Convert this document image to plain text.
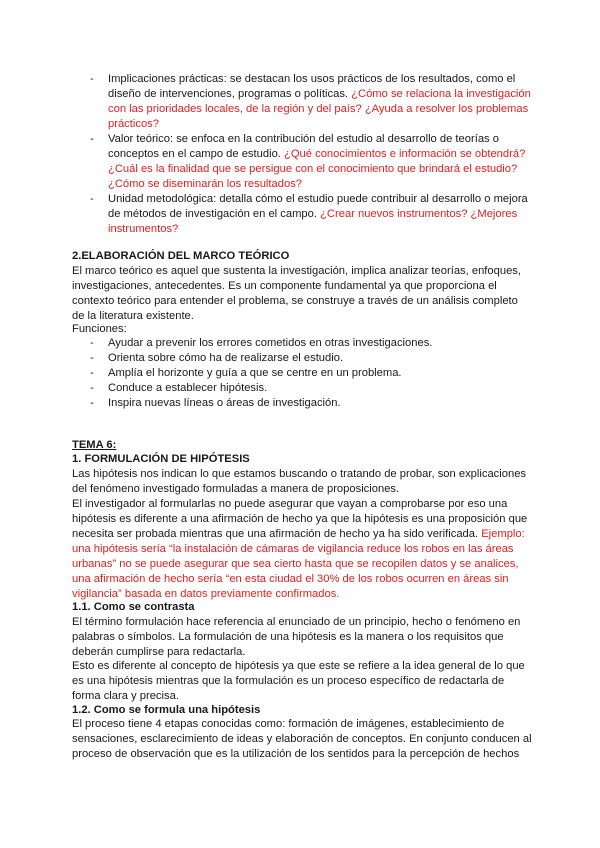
- Implicaciones prácticas: se destacan los usos prácticos de los resultados, como el diseño de intervenciones, programas o políticas. ¿Cómo se relaciona la investigación con las prioridades locales, de la región y del país? ¿Ayuda a resolver los problemas prácticos?
- Valor teórico: se enfoca en la contribución del estudio al desarrollo de teorías o conceptos en el campo de estudio. ¿Qué conocimientos e información se obtendrá? ¿Cuál es la finalidad que se persigue con el conocimiento que brindará el estudio? ¿Cómo se diseminarán los resultados?
- Unidad metodológica: detalla cómo el estudio puede contribuir al desarrollo o mejora de métodos de investigación en el campo. ¿Crear nuevos instrumentos? ¿Mejores instrumentos?
2.ELABORACIÓN DEL MARCO TEÓRICO
El marco teórico es aquel que sustenta la investigación, implica analizar teorías, enfoques, investigaciones, antecedentes. Es un componente fundamental ya que proporciona el contexto teórico para entender el problema, se construye a través de un análisis completo de la literatura existente.
Funciones:
- Ayudar a prevenir los errores cometidos en otras investigaciones.
- Orienta sobre cómo ha de realizarse el estudio.
- Amplía el horizonte y guía a que se centre en un problema.
- Conduce a establecer hipótesis.
- Inspira nuevas líneas o áreas de investigación.
TEMA 6:
1. FORMULACIÓN DE HIPÓTESIS
Las hipótesis nos indican lo que estamos buscando o tratando de probar, son explicaciones del fenómeno investigado formuladas a manera de proposiciones.
El investigador al formularlas no puede asegurar que vayan a comprobarse por eso una hipótesis es diferente a una afirmación de hecho ya que la hipótesis es una proposición que necesita ser probada mientras que una afirmación de hecho ya ha sido verificada. Ejemplo: una hipótesis sería “la instalación de cámaras de vigilancia reduce los robos en las áreas urbanas” no se puede asegurar que sea cierto hasta que se recopilen datos y se analices, una afirmación de hecho sería “en esta ciudad el 30% de los robos ocurren en áreas sin vigilancia” basada en datos previamente confirmados.
1.1. Como se contrasta
El término formulación hace referencia al enunciado de un principio, hecho o fenómeno en palabras o símbolos. La formulación de una hipótesis es la manera o los requisitos que deberán cumplirse para redactarla.
Esto es diferente al concepto de hipótesis ya que este se refiere a la idea general de lo que es una hipótesis mientras que la formulación es un proceso específico de redactarla de forma clara y precisa.
1.2. Como se formula una hipótesis
El proceso tiene 4 etapas conocidas como: formación de imágenes, establecimiento de sensaciones, esclarecimiento de ideas y elaboración de conceptos. En conjunto conducen al proceso de observación que es la utilización de los sentidos para la percepción de hechos
